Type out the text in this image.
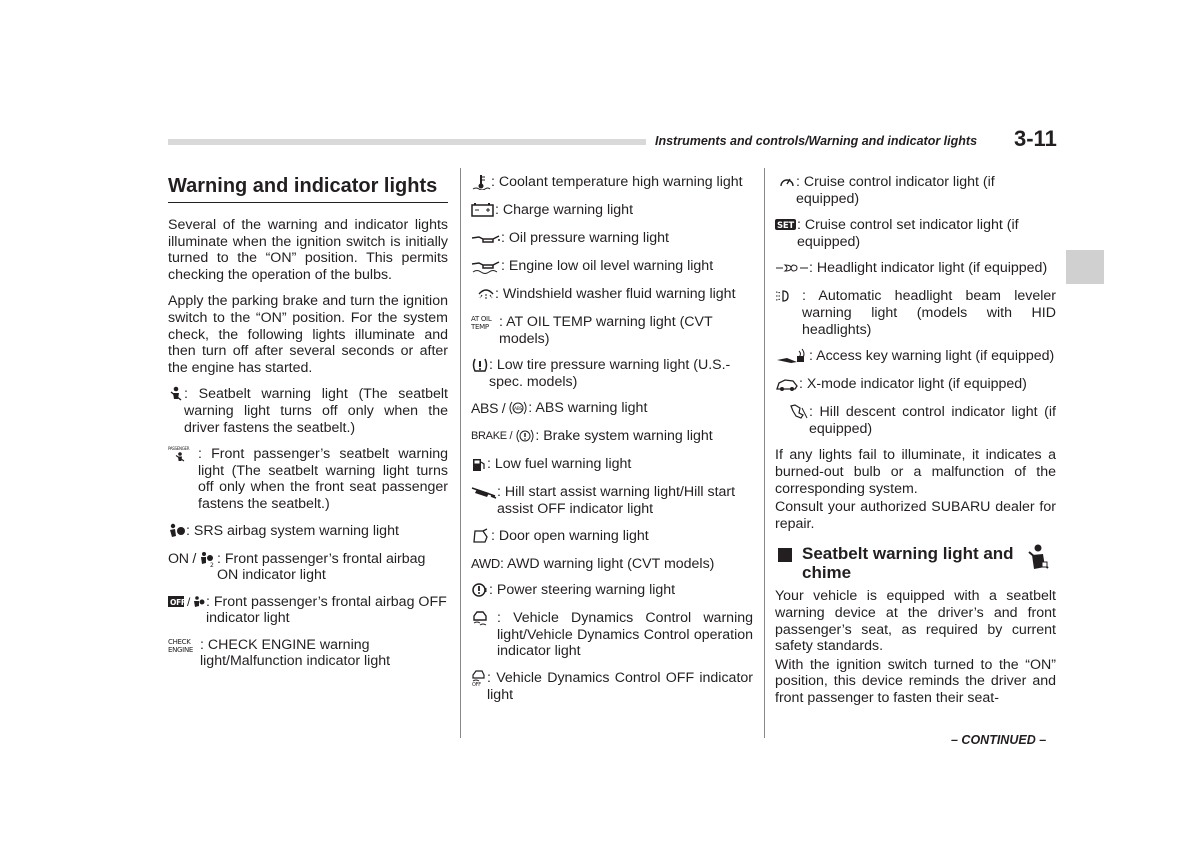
Instruments and controls/Warning and indicator lights 3-11
Warning and indicator lights

Several of the warning and indicator lights illuminate when the ignition switch is initially turned to the “ON” position. This permits checking the operation of the bulbs.

Apply the parking brake and turn the ignition switch to the “ON” position. For the system check, the following lights illuminate and then turn off after several seconds or after the engine has started.

: Seatbelt warning light (The seatbelt warning light turns off only when the driver fastens the seatbelt.)
PASSENGER : Front passenger’s seatbelt warning light (The seatbelt warning light turns off only when the front seat passenger fastens the seatbelt.)
: SRS airbag system warning light
ON / 2 : Front passenger’s frontal airbag ON indicator light
OFF / : Front passenger’s frontal airbag OFF indicator light
CHECK
ENGINE : CHECK ENGINE warning light/Malfunction indicator light
: Coolant temperature high warning light
: Charge warning light
: Oil pressure warning light
: Engine low oil level warning light
: Windshield washer fluid warning light
AT OIL
TEMP : AT OIL TEMP warning light (CVT models)
: Low tire pressure warning light (U.S.- spec. models)
ABS / ABS : ABS warning light
BRAKE / : Brake system warning light
: Low fuel warning light
: Hill start assist warning light/Hill start assist OFF indicator light
: Door open warning light
AWD : AWD warning light (CVT models)
: Power steering warning light
: Vehicle Dynamics Control warning light/Vehicle Dynamics Control operation indicator light
OFF : Vehicle Dynamics Control OFF indicator light
: Cruise control indicator light (if equipped)
SET : Cruise control set indicator light (if equipped)
: Headlight indicator light (if equipped)
: Automatic headlight beam leveler warning light (models with HID headlights)
: Access key warning light (if equipped)
: X-mode indicator light (if equipped)
: Hill descent control indicator light (if equipped)

If any lights fail to illuminate, it indicates a burned-out bulb or a malfunction of the corresponding system.

Consult your authorized SUBARU dealer for repair.

Seatbelt warning light and chime

Your vehicle is equipped with a seatbelt warning device at the driver’s and front passenger’s seat, as required by current safety standards.

With the ignition switch turned to the “ON” position, this device reminds the driver and front passenger to fasten their seat-

– CONTINUED –
